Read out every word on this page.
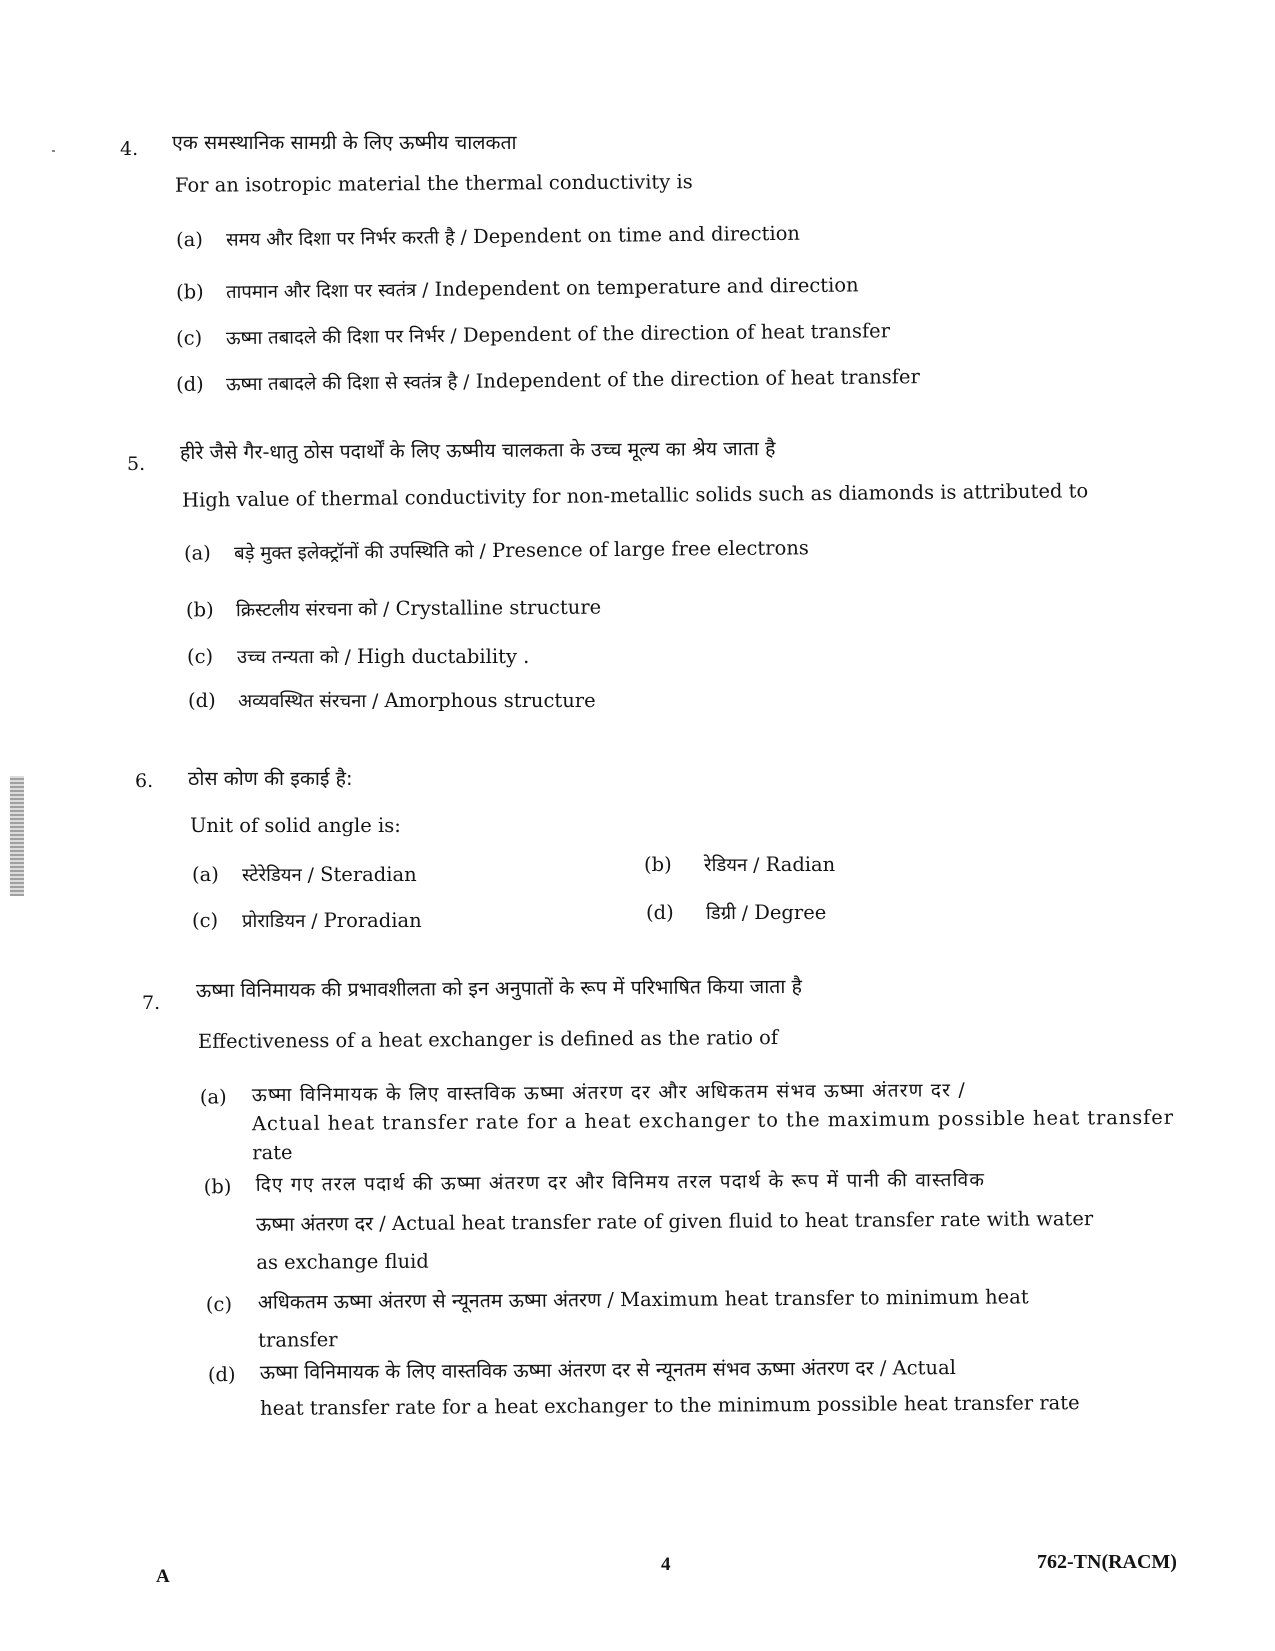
4. एक समस्थानिक सामग्री के लिए ऊष्मीय चालकता
For an isotropic material the thermal conductivity is
(a) समय और दिशा पर निर्भर करती है / Dependent on time and direction
(b) तापमान और दिशा पर स्वतंत्र / Independent on temperature and direction
(c) ऊष्मा तबादले की दिशा पर निर्भर / Dependent of the direction of heat transfer
(d) ऊष्मा तबादले की दिशा से स्वतंत्र है / Independent of the direction of heat transfer
5. हीरे जैसे गैर-धातु ठोस पदार्थों के लिए ऊष्मीय चालकता के उच्च मूल्य का श्रेय जाता है
High value of thermal conductivity for non-metallic solids such as diamonds is attributed to
(a) बड़े मुक्त इलेक्ट्रॉनों की उपस्थिति को / Presence of large free electrons
(b) क्रिस्टलीय संरचना को / Crystalline structure
(c) उच्च तन्यता को / High ductability .
(d) अव्यवस्थित संरचना / Amorphous structure
6. ठोस कोण की इकाई है:
Unit of solid angle is:
(a) स्टेरेडियन / Steradian	(b) रेडियन / Radian
(c) प्रोराडियन / Proradian	(d) डिग्री / Degree
7.
ऊष्मा विनिमायक की प्रभावशीलता को इन अनुपातों के रूप में परिभाषित किया जाता है
Effectiveness of a heat exchanger is defined as the ratio of
(a) ऊष्मा विनिमायक के लिए वास्तविक ऊष्मा अंतरण दर और अधिकतम संभव ऊष्मा अंतरण दर /
Actual heat transfer rate for a heat exchanger to the maximum possible heat transfer
rate
(b) दिए गए तरल पदार्थ की ऊष्मा अंतरण दर और विनिमय तरल पदार्थ के रूप में पानी की वास्तविक
ऊष्मा अंतरण दर / Actual heat transfer rate of given fluid to heat transfer rate with water
as exchange fluid
(c) अधिकतम ऊष्मा अंतरण से न्यूनतम ऊष्मा अंतरण / Maximum heat transfer to minimum heat
transfer
(d) ऊष्मा विनिमायक के लिए वास्तविक ऊष्मा अंतरण दर से न्यूनतम संभव ऊष्मा अंतरण दर / Actual
heat transfer rate for a heat exchanger to the minimum possible heat transfer rate
A
4	762-TN(RACM)
